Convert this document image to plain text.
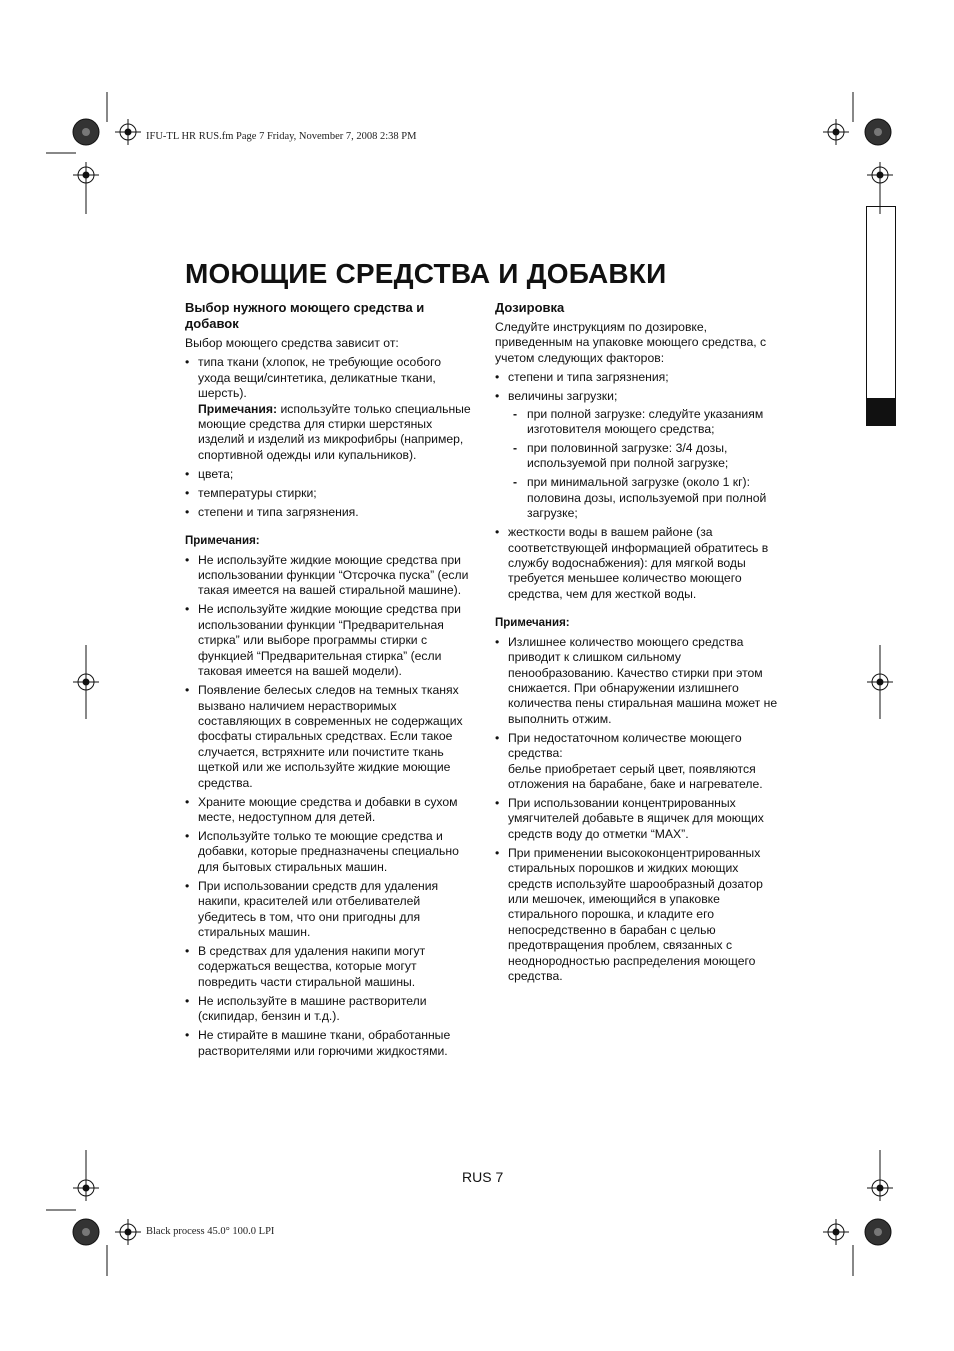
IFU-TL HR RUS.fm Page 7 Friday, November 7, 2008 2:38 PM
Black process 45.0° 100.0 LPI
МОЮЩИЕ СРЕДСТВА И ДОБАВКИ
Выбор нужного моющего средства и добавок
Выбор моющего средства зависит от:
• типа ткани (хлопок, не требующие особого ухода вещи/синтетика, деликатные ткани, шерсть).
Примечания: используйте только специальные моющие средства для стирки шерстяных изделий и изделий из микрофибры (например, спортивной одежды или купальников).
• цвета;
• температуры стирки;
• степени и типа загрязнения.
Примечания:
• Не используйте жидкие моющие средства при использовании функции “Отсрочка пуска” (если такая имеется на вашей стиральной машине).
• Не используйте жидкие моющие средства при использовании функции “Предварительная стирка” или выборе программы стирки с функцией “Предварительная стирка” (если таковая имеется на вашей модели).
• Появление белесых следов на темных тканях вызвано наличием нерастворимых составляющих в современных не содержащих фосфаты стиральных средствах. Если такое случается, встряхните или почистите ткань щеткой или же используйте жидкие моющие средства.
• Храните моющие средства и добавки в сухом месте, недоступном для детей.
• Используйте только те моющие средства и добавки, которые предназначены специально для бытовых стиральных машин.
• При использовании средств для удаления накипи, красителей или отбеливателей убедитесь в том, что они пригодны для стиральных машин.
• В средствах для удаления накипи могут содержаться вещества, которые могут повредить части стиральной машины.
• Не используйте в машине растворители (скипидар, бензин и т.д.).
• Не стирайте в машине ткани, обработанные растворителями или горючими жидкостями.
Дозировка
Следуйте инструкциям по дозировке, приведенным на упаковке моющего средства, с учетом следующих факторов:
• степени и типа загрязнения;
• величины загрузки;
- при полной загрузке: следуйте указаниям изготовителя моющего средства;
- при половинной загрузке: 3/4 дозы, используемой при полной загрузке;
- при минимальной загрузке (около 1 кг): половина дозы, используемой при полной загрузке;
• жесткости воды в вашем районе (за соответствующей информацией обратитесь в службу водоснабжения): для мягкой воды требуется меньшее количество моющего средства, чем для жесткой воды.
Примечания:
• Излишнее количество моющего средства приводит к слишком сильному пенообразованию. Качество стирки при этом снижается. При обнаружении излишнего количества пены стиральная машина может не выполнить отжим.
• При недостаточном количестве моющего средства:
белье приобретает серый цвет, появляются отложения на барабане, баке и нагревателе.
• При использовании концентрированных умягчителей добавьте в ящичек для моющих средств воду до отметки “MAX”.
• При применении высококонцентрированных стиральных порошков и жидких моющих средств используйте шарообразный дозатор или мешочек, имеющийся в упаковке стирального порошка, и кладите его непосредственно в барабан с целью предотвращения проблем, связанных с неоднородностью распределения моющего средства.
RUS 7
